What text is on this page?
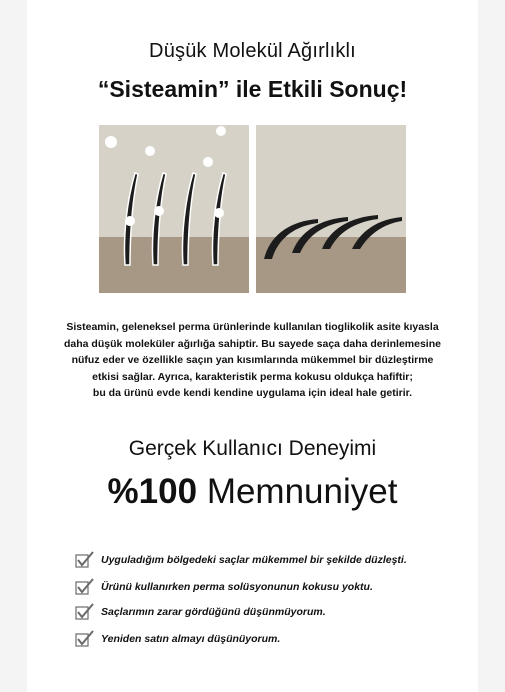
Düşük Molekül Ağırlıklı
“Sisteamin” ile Etkili Sonuç!
Sisteamin, geleneksel perma ürünlerinde kullanılan tioglikolik asite kıyasla
daha düşük moleküler ağırlığa sahiptir. Bu sayede saça daha derinlemesine
nüfuz eder ve özellikle saçın yan kısımlarında mükemmel bir düzleştirme
etkisi sağlar. Ayrıca, karakteristik perma kokusu oldukça hafiftir;
bu da ürünü evde kendi kendine uygulama için ideal hale getirir.
Gerçek Kullanıcı Deneyimi
%100 Memnuniyet
Uyguladığım bölgedeki saçlar mükemmel bir şekilde düzleşti.
Ürünü kullanırken perma solüsyonunun kokusu yoktu.
Saçlarımın zarar gördüğünü düşünmüyorum.
Yeniden satın almayı düşünüyorum.
